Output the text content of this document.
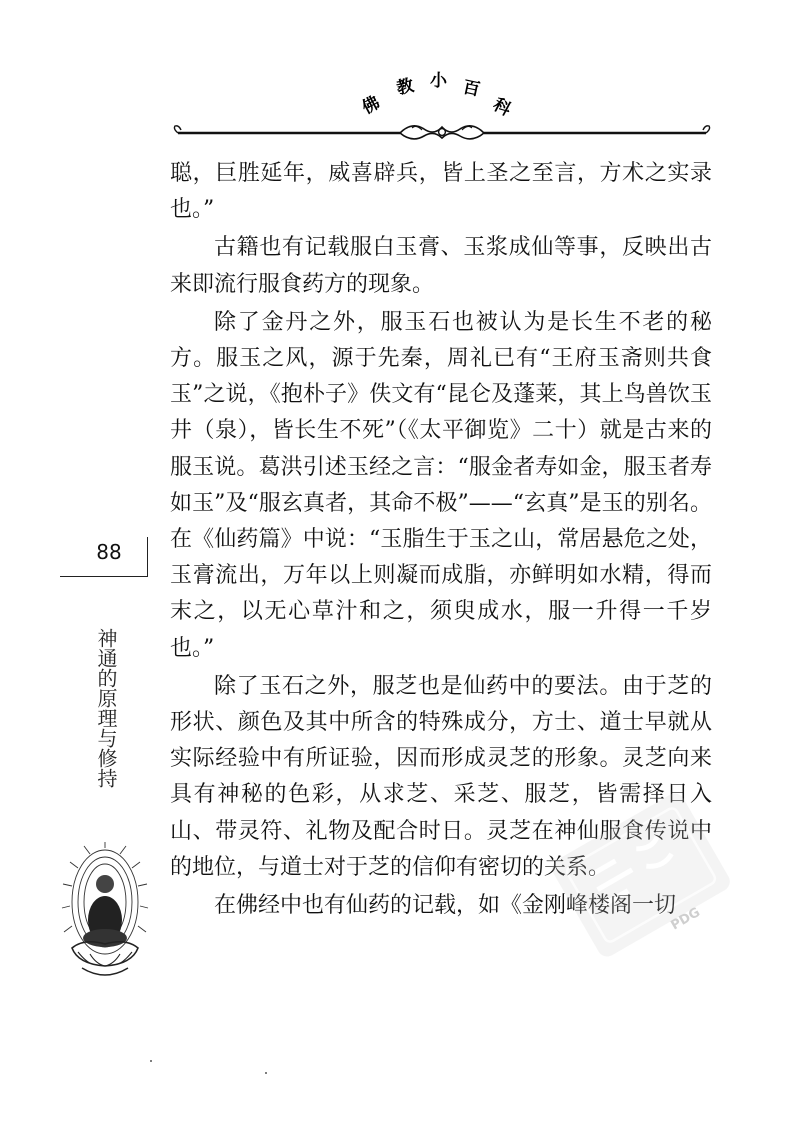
佛
教 小 百
科

聪，巨胜延年，威喜辟兵，皆上圣之至言，方术之实录也。”

古籍也有记载服白玉膏、玉浆成仙等事，反映出古来即流行服食药方的现象。

除了金丹之外，服玉石也被认为是长生不老的秘方。服玉之风，源于先秦，周礼已有“王府玉斋则共食玉”之说，《抱朴子》佚文有“昆仑及蓬莱，其上鸟兽饮玉井（泉），皆长生不死”（《太平御览》二十）就是古来的服玉说。葛洪引述玉经之言：“服金者寿如金，服玉者寿如玉”及“服玄真者，其命不极”——“玄真”是玉的别名。在《仙药篇》中说：“玉脂生于玉之山，常居悬危之处，玉膏流出，万年以上则凝而成脂，亦鲜明如水精，得而末之，以无心草汁和之，须臾成水，服一升得一千岁也。”

除了玉石之外，服芝也是仙药中的要法。由于芝的形状、颜色及其中所含的特殊成分，方士、道士早就从实际经验中有所证验，因而形成灵芝的形象。灵芝向来具有神秘的色彩，从求芝、采芝、服芝，皆需择日入山、带灵符、礼物及配合时日。灵芝在神仙服食传说中的地位，与道士对于芝的信仰有密切的关系。

在佛经中也有仙药的记载，如《金刚峰楼阁一切

88
神通的原理与修持
PDG
